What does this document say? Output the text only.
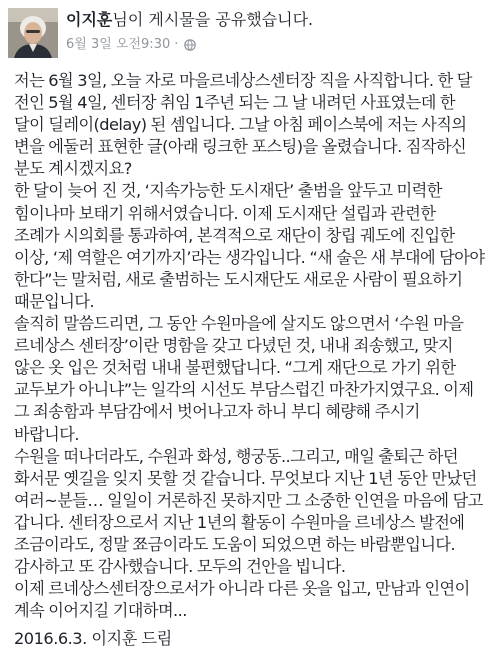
이지훈님이 게시물을 공유했습니다.
6월 3일 오전9:30 ·
저는 6월 3일, 오늘 자로 마을르네상스센터장 직을 사직합니다. 한 달
전인 5월 4일, 센터장 취임 1주년 되는 그 날 내려던 사표였는데 한
달이 딜레이(delay) 된 셈입니다. 그날 아침 페이스북에 저는 사직의
변을 에둘러 표현한 글(아래 링크한 포스팅)을 올렸습니다. 짐작하신
분도 계시겠지요?
한 달이 늦어 진 것, ‘지속가능한 도시재단’ 출범을 앞두고 미력한
힘이나마 보태기 위해서였습니다. 이제 도시재단 설립과 관련한
조례가 시의회를 통과하여, 본격적으로 재단이 창립 궤도에 진입한
이상, ‘제 역할은 여기까지’라는 생각입니다. “새 술은 새 부대에 담아야
한다”는 말처럼, 새로 출범하는 도시재단도 새로운 사람이 필요하기
때문입니다.
솔직히 말씀드리면, 그 동안 수원마을에 살지도 않으면서 ‘수원 마을
르네상스 센터장’이란 명함을 갖고 다녔던 것, 내내 죄송했고, 맞지
않은 옷 입은 것처럼 내내 불편했답니다. “그게 재단으로 가기 위한
교두보가 아니냐”는 일각의 시선도 부담스럽긴 마찬가지였구요. 이제
그 죄송함과 부담감에서 벗어나고자 하니 부디 혜량해 주시기
바랍니다.
수원을 떠나더라도, 수원과 화성, 행궁동..그리고, 매일 출퇴근 하던
화서문 옛길을 잊지 못할 것 같습니다. 무엇보다 지난 1년 동안 만났던
여러~분들… 일일이 거론하진 못하지만 그 소중한 인연을 마음에 담고
갑니다. 센터장으로서 지난 1년의 활동이 수원마을 르네상스 발전에
조금이라도, 정말 쬬금이라도 도움이 되었으면 하는 바람뿐입니다.
감사하고 또 감사했습니다. 모두의 건안을 빕니다.
이제 르네상스센터장으로서가 아니라 다른 옷을 입고, 만남과 인연이
계속 이어지길 기대하며...
2016.6.3. 이지훈 드림
